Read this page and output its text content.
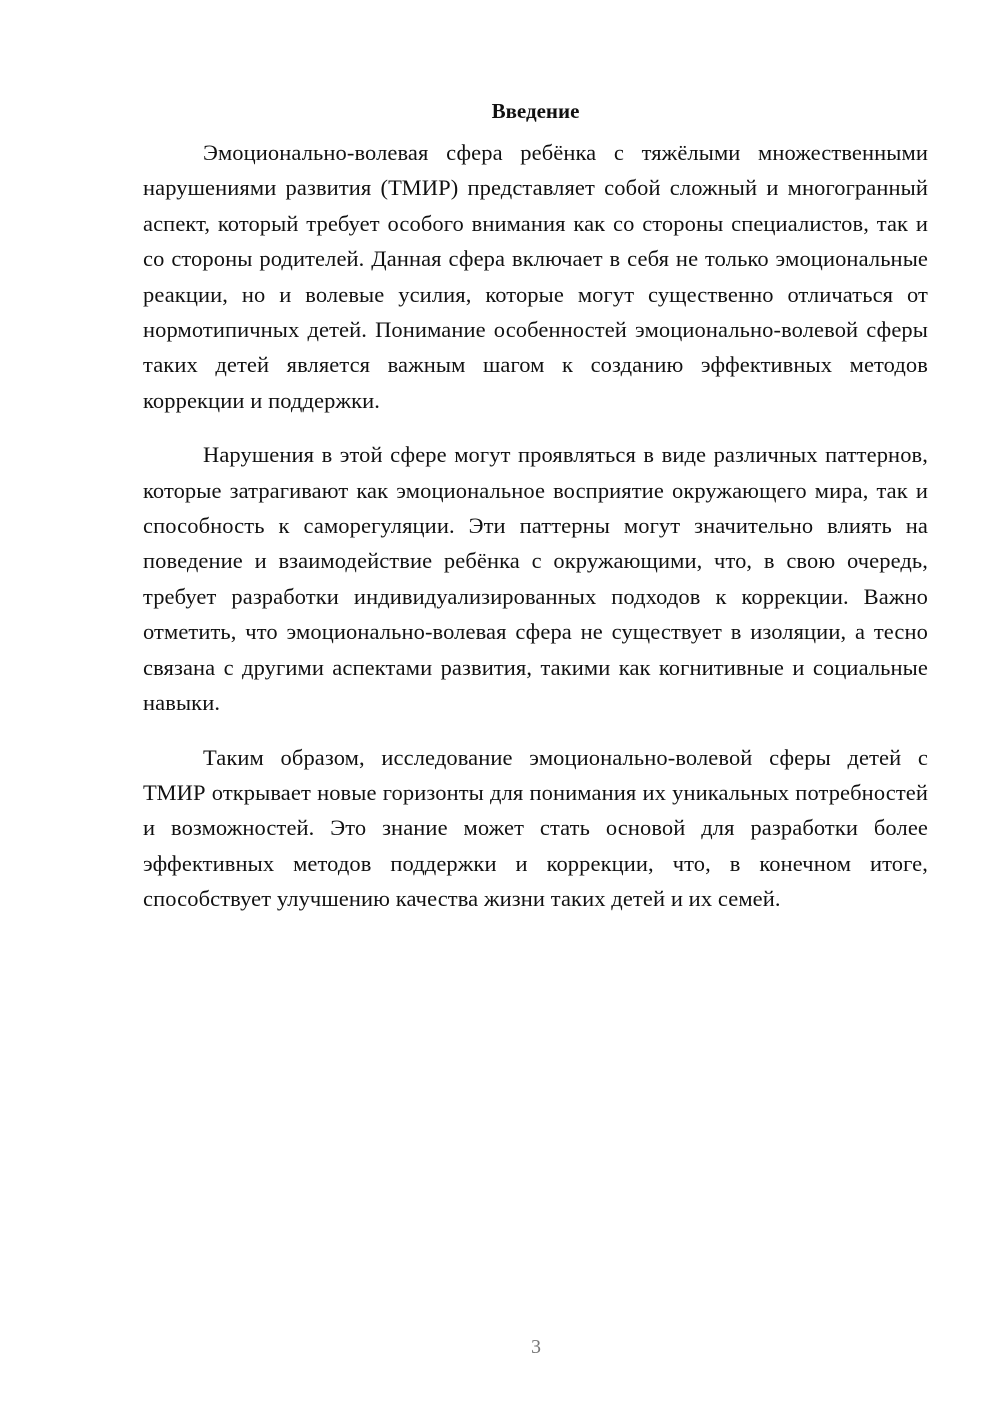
Введение

Эмоционально-волевая сфера ребёнка с тяжёлыми множественными нарушениями развития (ТМИР) представляет собой сложный и многогранный аспект, который требует особого внимания как со стороны специалистов, так и со стороны родителей. Данная сфера включает в себя не только эмоциональные реакции, но и волевые усилия, которые могут существенно отличаться от нормотипичных детей. Понимание особенностей эмоционально-волевой сферы таких детей является важным шагом к созданию эффективных методов коррекции и поддержки.

Нарушения в этой сфере могут проявляться в виде различных паттернов, которые затрагивают как эмоциональное восприятие окружающего мира, так и способность к саморегуляции. Эти паттерны могут значительно влиять на поведение и взаимодействие ребёнка с окружающими, что, в свою очередь, требует разработки индивидуализированных подходов к коррекции. Важно отметить, что эмоционально-волевая сфера не существует в изоляции, а тесно связана с другими аспектами развития, такими как когнитивные и социальные навыки.

Таким образом, исследование эмоционально-волевой сферы детей с ТМИР открывает новые горизонты для понимания их уникальных потребностей и возможностей. Это знание может стать основой для разработки более эффективных методов поддержки и коррекции, что, в конечном итоге, способствует улучшению качества жизни таких детей и их семей.

3
